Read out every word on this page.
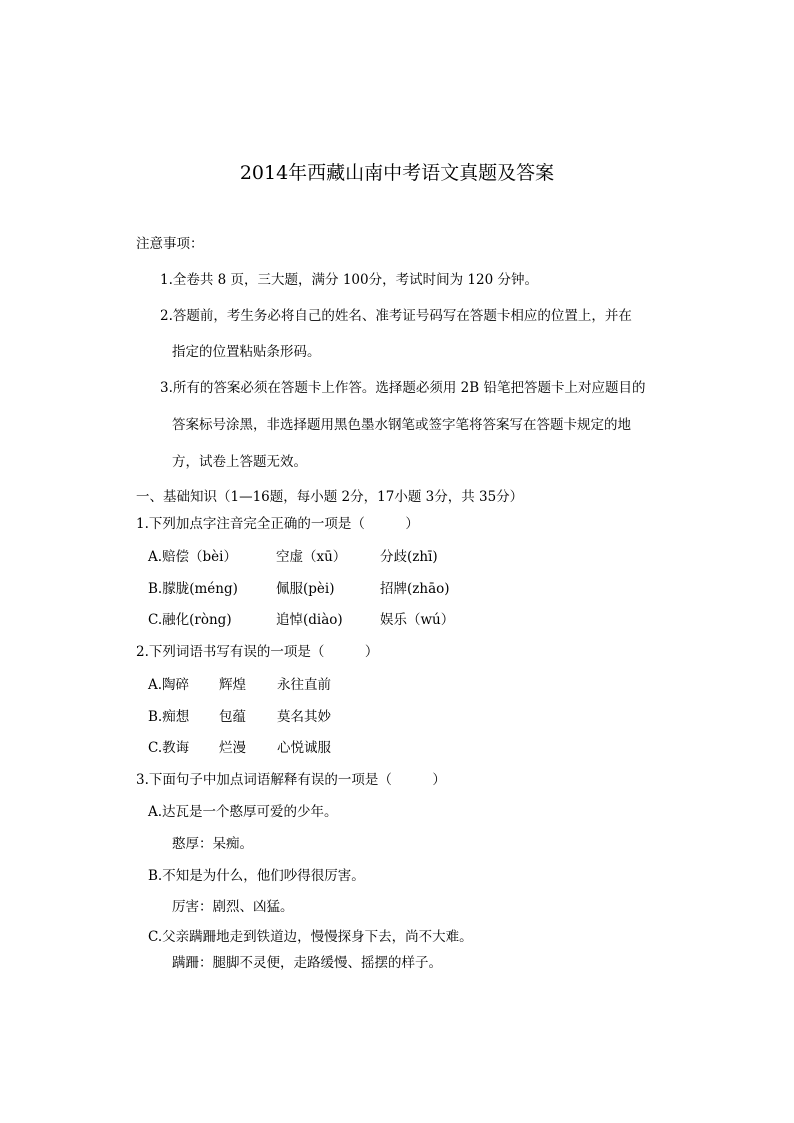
2014年西藏山南中考语文真题及答案
注意事项：
1.全卷共 8 页，三大题，满分 100分，考试时间为 120 分钟。
2.答题前，考生务必将自己的姓名、准考证号码写在答题卡相应的位置上，并在
指定的位置粘贴条形码。
3.所有的答案必须在答题卡上作答。选择题必须用 2B 铅笔把答题卡上对应题目的
答案标号涂黑，非选择题用黑色墨水钢笔或签字笔将答案写在答题卡规定的地
方，试卷上答题无效。
一、基础知识（1—16题，每小题 2分，17小题 3分，共 35分）
1.下列加点字注音完全正确的一项是（　　　）
A.赔偿（bèi）	空虚（xū） 分歧(zhī)
B.朦胧(méng)	佩服(pèi)	招牌(zhāo)
C.融化(ròng)	追悼(diào)	娱乐（wú）
2.下列词语书写有误的一项是（　　　）
A.陶碎 辉煌 永往直前
B.痴想 包蕴 莫名其妙
C.教诲 烂漫 心悦诚服
3.下面句子中加点词语解释有误的一项是（　　　）
A.达瓦是一个憨厚可爱的少年。
憨厚：呆痴。
B.不知是为什么，他们吵得很厉害。
厉害：剧烈、凶猛。
C.父亲蹒跚地走到铁道边，慢慢探身下去，尚不大难。
蹒跚：腿脚不灵便，走路缓慢、摇摆的样子。
